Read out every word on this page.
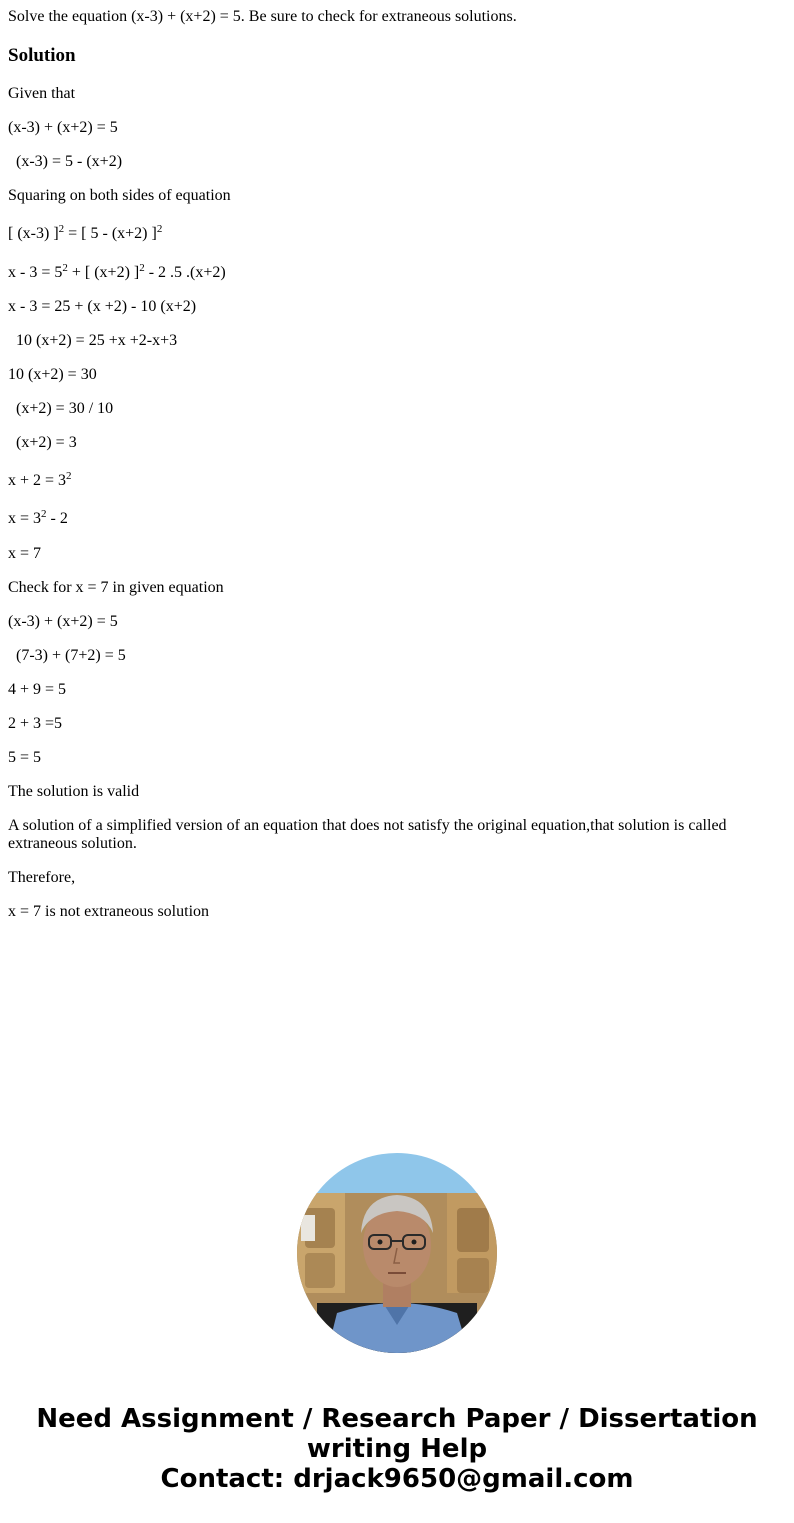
Solve the equation (x-3) + (x+2) = 5. Be sure to check for extraneous solutions.
Solution
Given that
(x-3) + (x+2) = 5
(x-3) = 5 - (x+2)
Squaring on both sides of equation
[ (x-3) ]$^2$ = [ 5 - (x+2) ]$^2$
$x - 3 = 5^2$ + [ (x+2) ]$^2$ - 2 .5 .(x+2)
x - 3 = 25 + (x +2) - 10 (x+2)
10 (x+2) = 25 +x +2-x+3
10 (x+2) = 30
(x+2) = 30 / 10
(x+2) = 3
$x + 2 = 3^2$
$x = 3^2 - 2$
x = 7
Check for x = 7 in given equation
(x-3) + (x+2) = 5
(7-3) + (7+2) = 5
4 + 9 = 5
2 + 3 =5
5 = 5
The solution is valid
A solution of a simplified version of an equation that does not satisfy the original equation,that solution is called extraneous solution.
Therefore,
x = 7 is not extraneous solution
Need Assignment / Research Paper / Dissertation
writing Help
Contact: drjack9650@gmail.com
